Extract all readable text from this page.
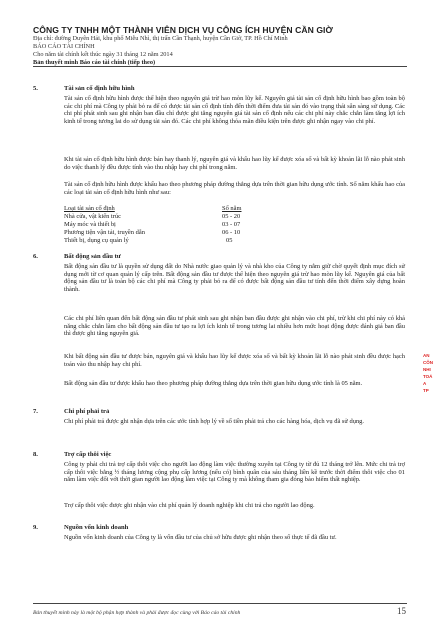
CÔNG TY TNHH MỘT THÀNH VIÊN DỊCH VỤ CÔNG ÍCH HUYỆN CẦN GIỜ
Địa chỉ: đường Duyên Hải, khu phố Miễu Nhì, thị trấn Cần Thạnh, huyện Cần Giờ, TP. Hồ Chí Minh
BÁO CÁO TÀI CHÍNH
Cho năm tài chính kết thúc ngày 31 tháng 12 năm 2014
Bản thuyết minh Báo cáo tài chính (tiếp theo)
5.	Tài sản cố định hữu hình
Tài sản cố định hữu hình được thể hiện theo nguyên giá trừ hao mòn lũy kế. Nguyên giá tài sản cố định hữu hình bao gồm toàn bộ các chi phí mà Công ty phải bỏ ra để có được tài sản cố định tính đến thời điểm đưa tài sản đó vào trạng thái sẵn sàng sử dụng. Các chi phí phát sinh sau ghi nhận ban đầu chỉ được ghi tăng nguyên giá tài sản cố định nếu các chi phí này chắc chắn làm tăng lợi ích kinh tế trong tương lai do sử dụng tài sản đó. Các chi phí không thỏa mãn điều kiện trên được ghi nhận ngay vào chi phí.
Khi tài sản cố định hữu hình được bán hay thanh lý, nguyên giá và khấu hao lũy kế được xóa sổ và bất kỳ khoản lãi lỗ nào phát sinh do việc thanh lý đều được tính vào thu nhập hay chi phí trong năm.
Tài sản cố định hữu hình được khấu hao theo phương pháp đường thẳng dựa trên thời gian hữu dụng ước tính. Số năm khấu hao của các loại tài sản cố định hữu hình như sau:
Loại tài sản cố định	Số năm
Nhà cửa, vật kiến trúc	05 - 20
Máy móc và thiết bị	03 - 07
Phương tiện vận tải, truyền dẫn	06 - 10
Thiết bị, dụng cụ quản lý	05
6.	Bất động sản đầu tư
Bất động sản đầu tư là quyền sử dụng đất do Nhà nước giao quản lý và nhà kho của Công ty nắm giữ chờ quyết định mục đích sử dụng mới từ cơ quan quản lý cấp trên. Bất động sản đầu tư được thể hiện theo nguyên giá trừ hao mòn lũy kế. Nguyên giá của bất động sản đầu tư là toàn bộ các chi phí mà Công ty phải bỏ ra để có được bất động sản đầu tư tính đến thời điểm xây dựng hoàn thành.
Các chi phí liên quan đến bất động sản đầu tư phát sinh sau ghi nhận ban đầu được ghi nhận vào chi phí, trừ khi chi phí này có khả năng chắc chắn làm cho bất động sản đầu tư tạo ra lợi ích kinh tế trong tương lai nhiều hơn mức hoạt động được đánh giá ban đầu thì được ghi tăng nguyên giá.
Khi bất động sản đầu tư được bán, nguyên giá và khấu hao lũy kế được xóa sổ và bất kỳ khoản lãi lỗ nào phát sinh đều được hạch toán vào thu nhập hay chi phí.
Bất động sản đầu tư được khấu hao theo phương pháp đường thẳng dựa trên thời gian hữu dụng ước tính là 05 năm.
7.	Chi phí phải trả
Chi phí phải trả được ghi nhận dựa trên các ước tính hợp lý về số tiền phải trả cho các hàng hóa, dịch vụ đã sử dụng.
8.	Trợ cấp thôi việc
Công ty phải chi trả trợ cấp thôi việc cho người lao động làm việc thường xuyên tại Công ty từ đủ 12 tháng trở lên. Mức chi trả trợ cấp thôi việc bằng ½ tháng lương cộng phụ cấp lương (nếu có) bình quân của sáu tháng liền kề trước thời điểm thôi việc cho 01 năm làm việc đối với thời gian người lao động làm việc tại Công ty mà không tham gia đóng bảo hiểm thất nghiệp.
Trợ cấp thôi việc được ghi nhận vào chi phí quản lý doanh nghiệp khi chi trả cho người lao động.
9.	Nguồn vốn kinh doanh
Nguồn vốn kinh doanh của Công ty là vốn đầu tư của chủ sở hữu được ghi nhận theo số thực tế đã đầu tư.
Bản thuyết minh này là một bộ phận hợp thành và phải được đọc cùng với Báo cáo tài chính	15
AN
CÔN
NHI
TOÁ
A
TP
